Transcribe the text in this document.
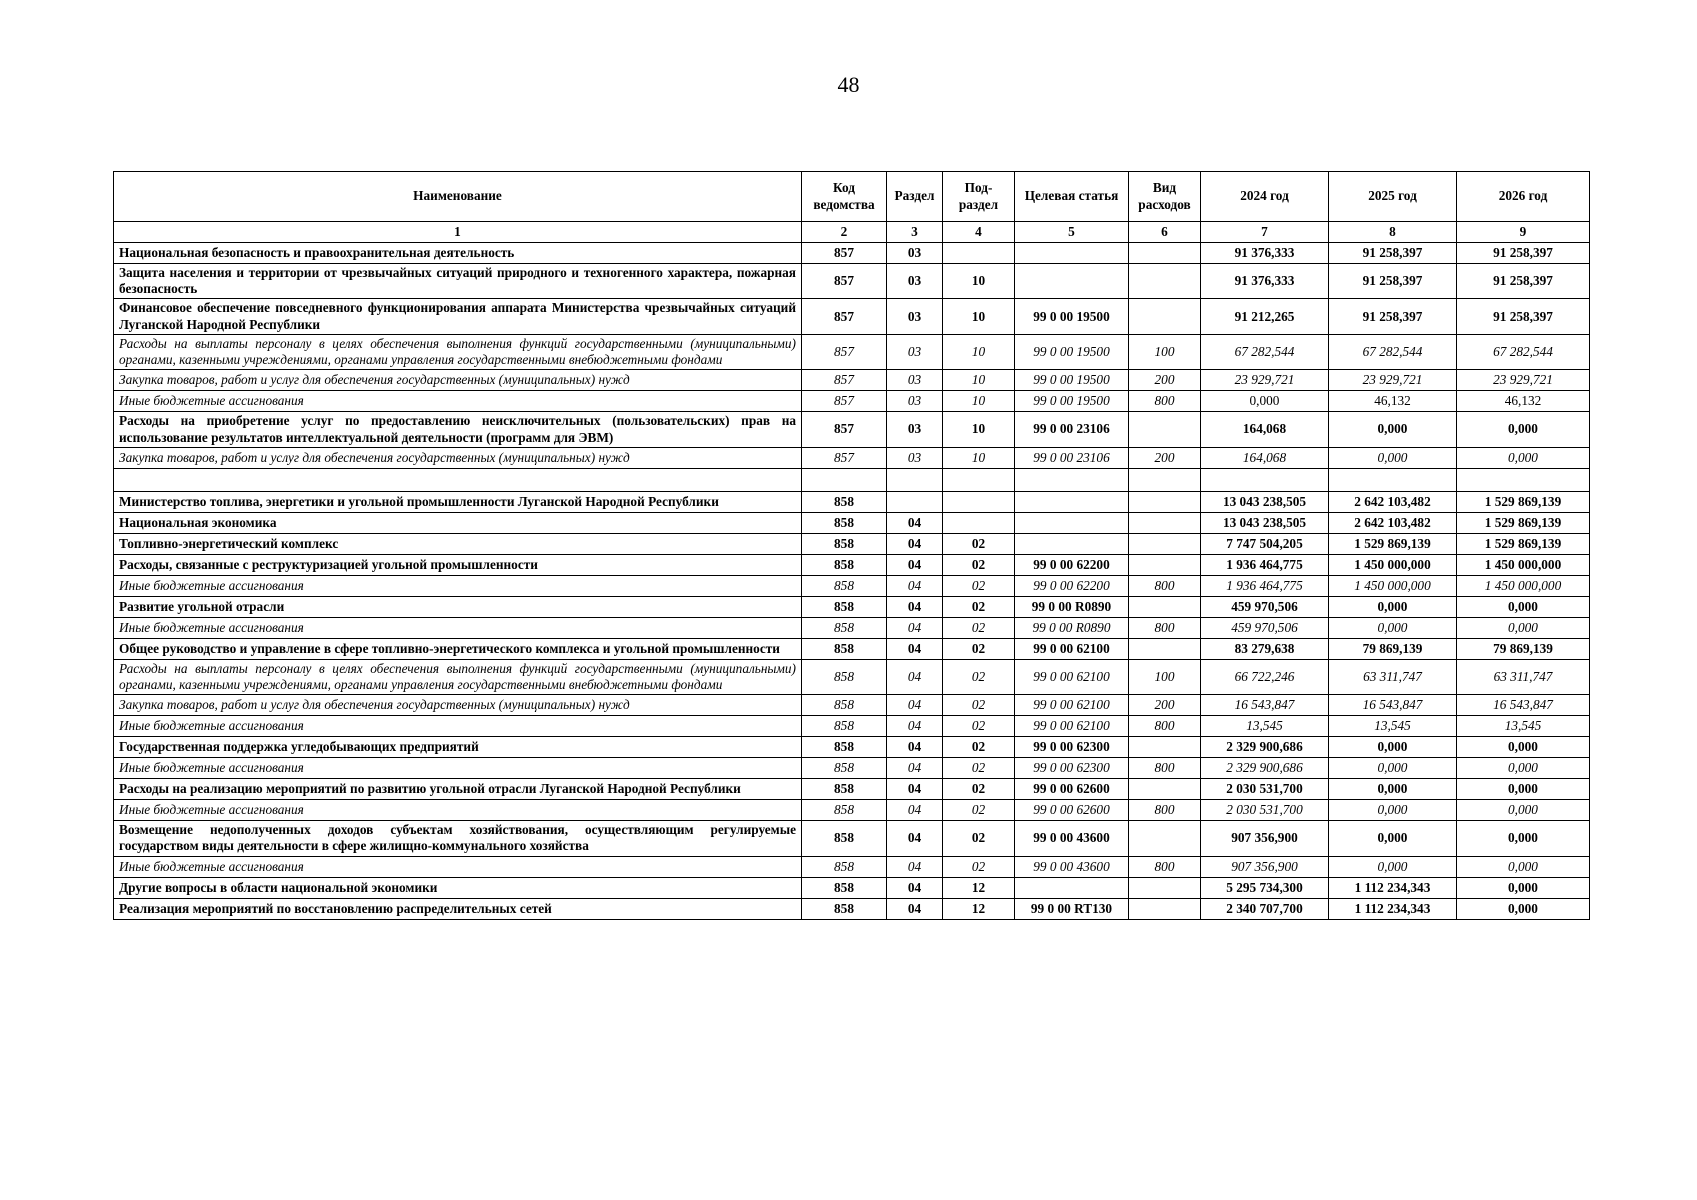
48
Наименование	Код ведомства	Раздел	Под-раздел	Целевая статья	Вид расходов	2024 год	2025 год	2026 год
1	2	3	4	5	6	7	8	9
Национальная безопасность и правоохранительная деятельность	857	03				91 376,333	91 258,397	91 258,397
Защита населения и территории от чрезвычайных ситуаций природного и техногенного характера, пожарная безопасность	857	03	10			91 376,333	91 258,397	91 258,397
Финансовое обеспечение повседневного функционирования аппарата Министерства чрезвычайных ситуаций Луганской Народной Республики	857	03	10	99 0 00 19500		91 212,265	91 258,397	91 258,397
Расходы на выплаты персоналу в целях обеспечения выполнения функций государственными (муниципальными) органами, казенными учреждениями, органами управления государственными внебюджетными фондами	857	03	10	99 0 00 19500	100	67 282,544	67 282,544	67 282,544
Закупка товаров, работ и услуг для обеспечения государственных (муниципальных) нужд	857	03	10	99 0 00 19500	200	23 929,721	23 929,721	23 929,721
Иные бюджетные ассигнования	857	03	10	99 0 00 19500	800	0,000	46,132	46,132
Расходы на приобретение услуг по предоставлению неисключительных (пользовательских) прав на использование результатов интеллектуальной деятельности (программ для ЭВМ)	857	03	10	99 0 00 23106		164,068	0,000	0,000
Закупка товаров, работ и услуг для обеспечения государственных (муниципальных) нужд	857	03	10	99 0 00 23106	200	164,068	0,000	0,000

Министерство топлива, энергетики и угольной промышленности Луганской Народной Республики	858					13 043 238,505	2 642 103,482	1 529 869,139
Национальная экономика	858	04				13 043 238,505	2 642 103,482	1 529 869,139
Топливно-энергетический комплекс	858	04	02			7 747 504,205	1 529 869,139	1 529 869,139
Расходы, связанные с реструктуризацией угольной промышленности	858	04	02	99 0 00 62200		1 936 464,775	1 450 000,000	1 450 000,000
Иные бюджетные ассигнования	858	04	02	99 0 00 62200	800	1 936 464,775	1 450 000,000	1 450 000,000
Развитие угольной отрасли	858	04	02	99 0 00 R0890		459 970,506	0,000	0,000
Иные бюджетные ассигнования	858	04	02	99 0 00 R0890	800	459 970,506	0,000	0,000
Общее руководство и управление в сфере топливно-энергетического комплекса и угольной промышленности	858	04	02	99 0 00 62100		83 279,638	79 869,139	79 869,139
Расходы на выплаты персоналу в целях обеспечения выполнения функций государственными (муниципальными) органами, казенными учреждениями, органами управления государственными внебюджетными фондами	858	04	02	99 0 00 62100	100	66 722,246	63 311,747	63 311,747
Закупка товаров, работ и услуг для обеспечения государственных (муниципальных) нужд	858	04	02	99 0 00 62100	200	16 543,847	16 543,847	16 543,847
Иные бюджетные ассигнования	858	04	02	99 0 00 62100	800	13,545	13,545	13,545
Государственная поддержка угледобывающих предприятий	858	04	02	99 0 00 62300		2 329 900,686	0,000	0,000
Иные бюджетные ассигнования	858	04	02	99 0 00 62300	800	2 329 900,686	0,000	0,000
Расходы на реализацию мероприятий по развитию угольной отрасли Луганской Народной Республики	858	04	02	99 0 00 62600		2 030 531,700	0,000	0,000
Иные бюджетные ассигнования	858	04	02	99 0 00 62600	800	2 030 531,700	0,000	0,000
Возмещение недополученных доходов субъектам хозяйствования, осуществляющим регулируемые государством виды деятельности в сфере жилищно-коммунального хозяйства	858	04	02	99 0 00 43600		907 356,900	0,000	0,000
Иные бюджетные ассигнования	858	04	02	99 0 00 43600	800	907 356,900	0,000	0,000
Другие вопросы в области национальной экономики	858	04	12			5 295 734,300	1 112 234,343	0,000
Реализация мероприятий по восстановлению распределительных сетей	858	04	12	99 0 00 RT130		2 340 707,700	1 112 234,343	0,000
